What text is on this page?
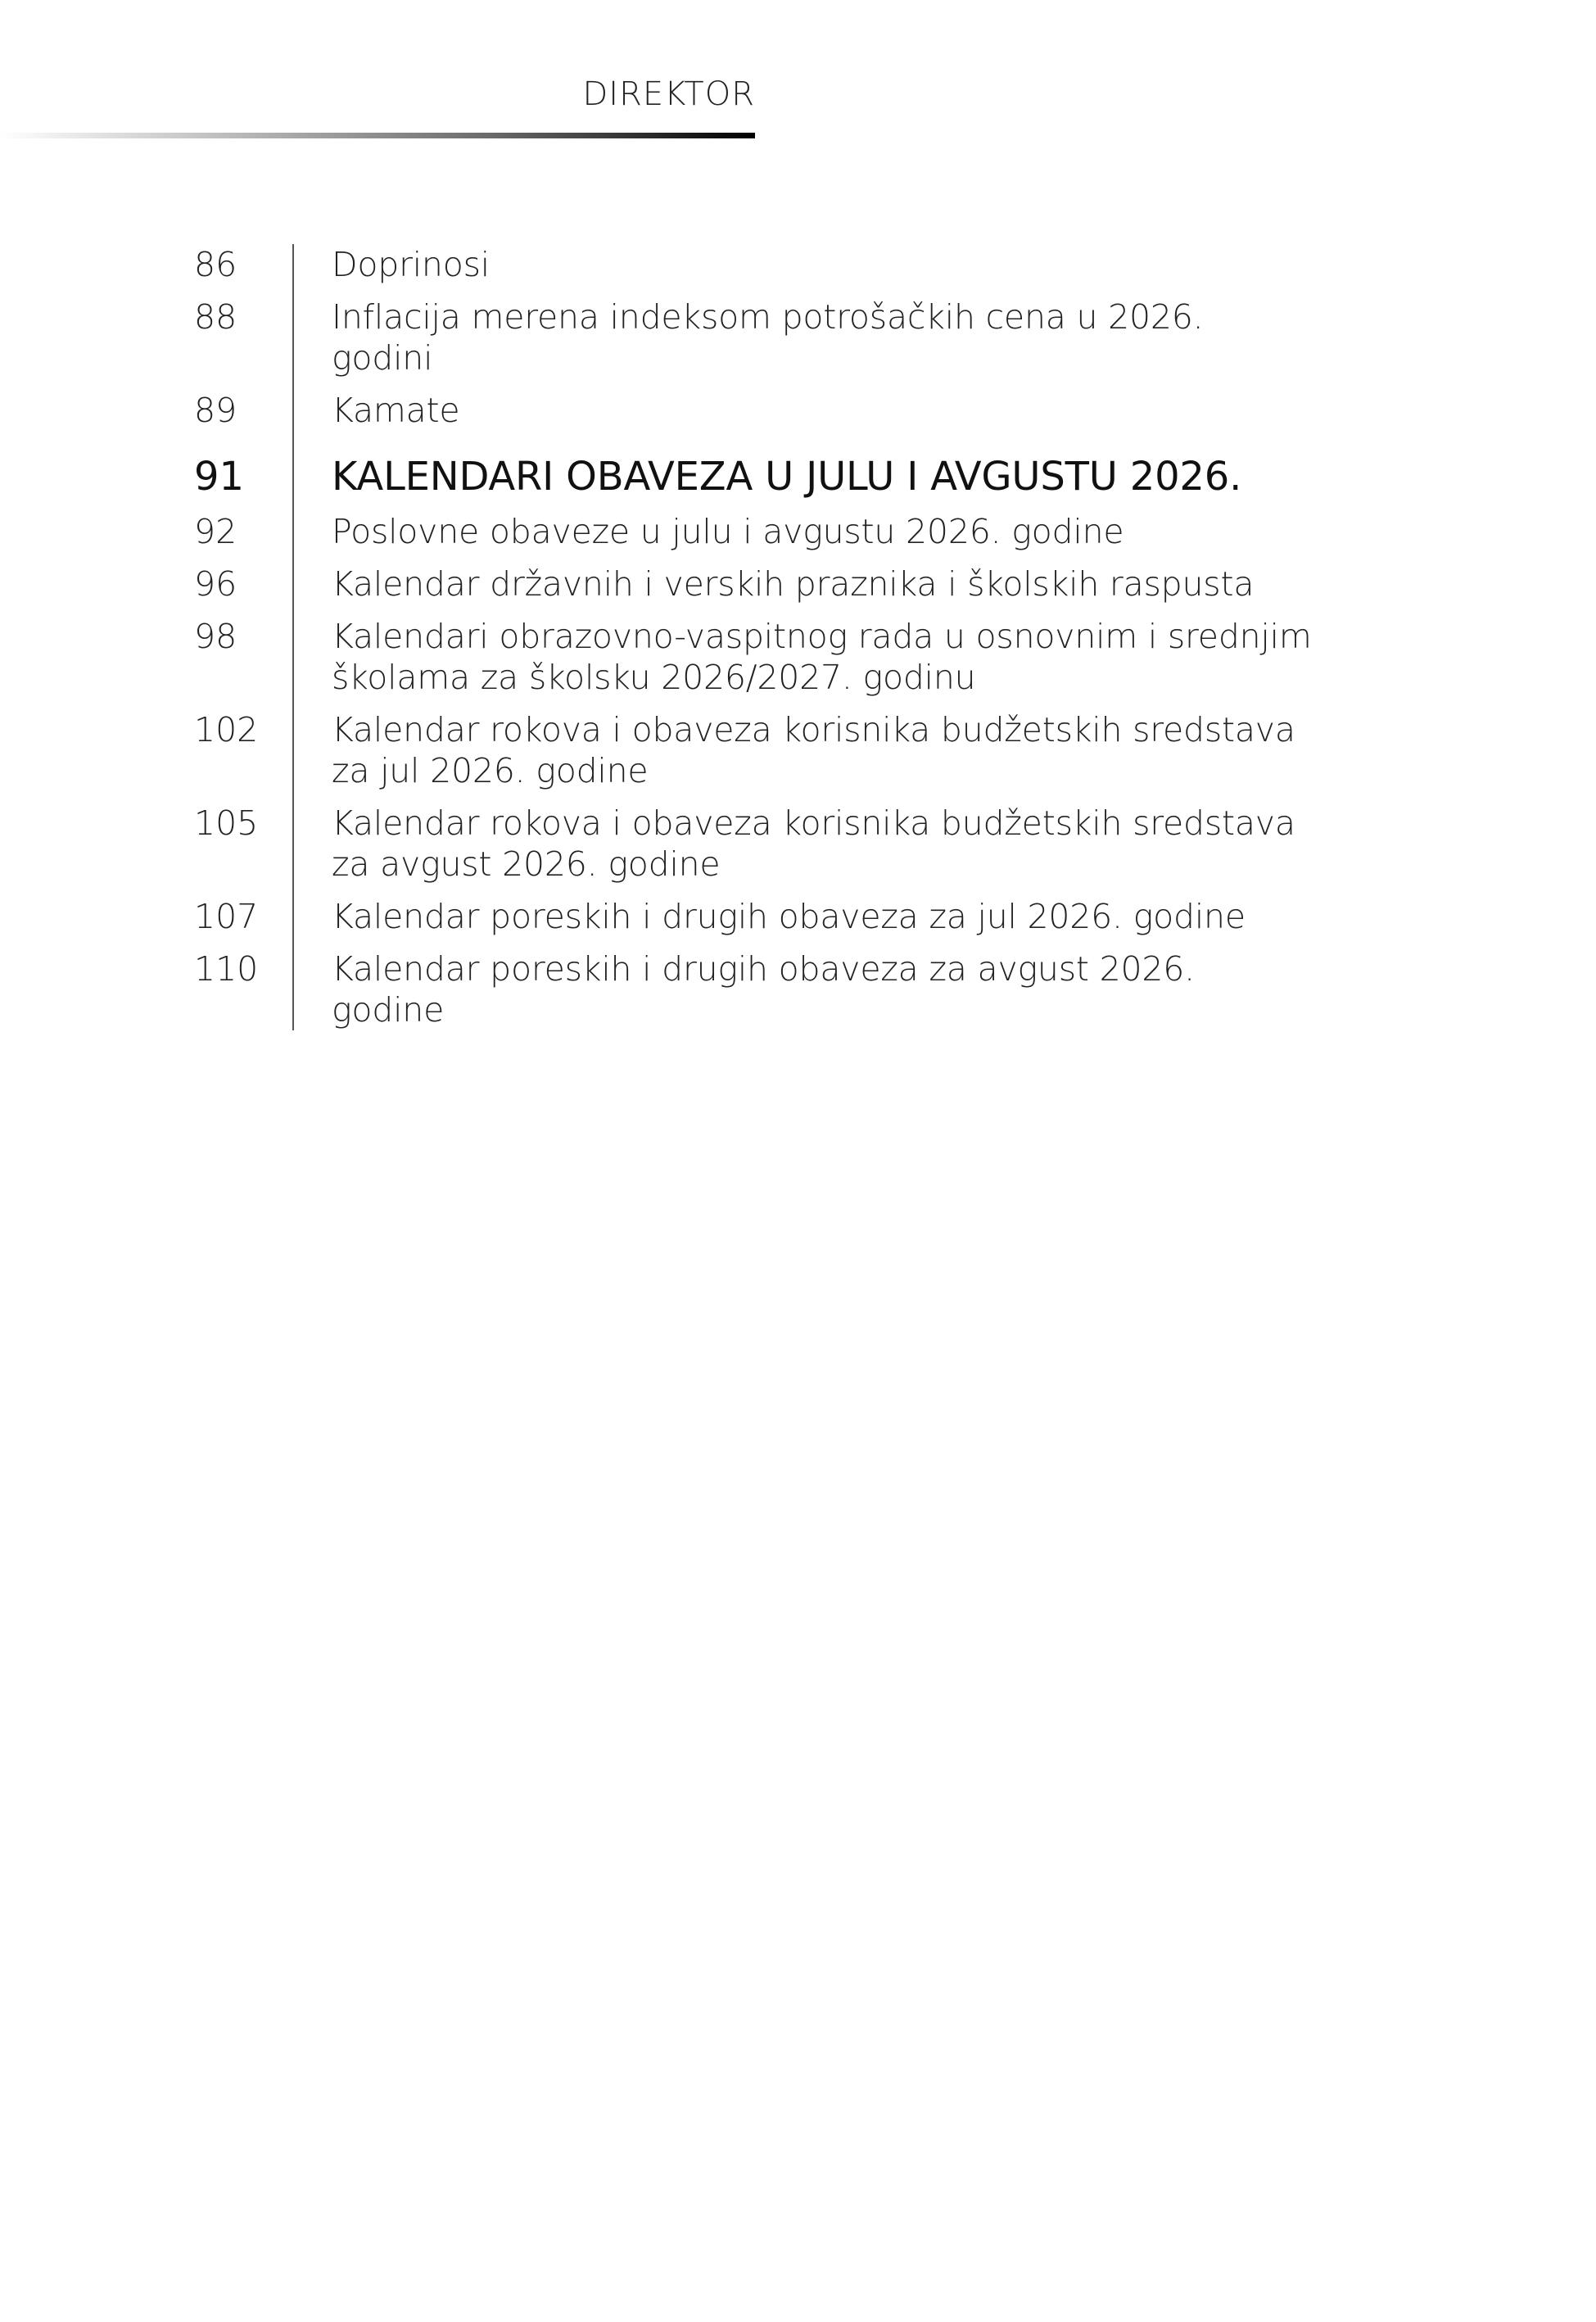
DIREKTOR
86	Doprinosi
88	Inflacija merena indeksom potrošačkih cena u 2026. godini
89	Kamate
91	KALENDARI OBAVEZA U JULU I AVGUSTU 2026.
92	Poslovne obaveze u julu i avgustu 2026. godine
96	Kalendar državnih i verskih praznika i školskih raspusta
98	Kalendari obrazovno-vaspitnog rada u osnovnim i srednjim
školama za školsku 2026/2027. godinu
102	Kalendar rokova i obaveza korisnika budžetskih sredstava
za jul 2026. godine
105	Kalendar rokova i obaveza korisnika budžetskih sredstava
za avgust 2026. godine
107	Kalendar poreskih i drugih obaveza za jul 2026. godine
110	Kalendar poreskih i drugih obaveza za avgust 2026. godine
